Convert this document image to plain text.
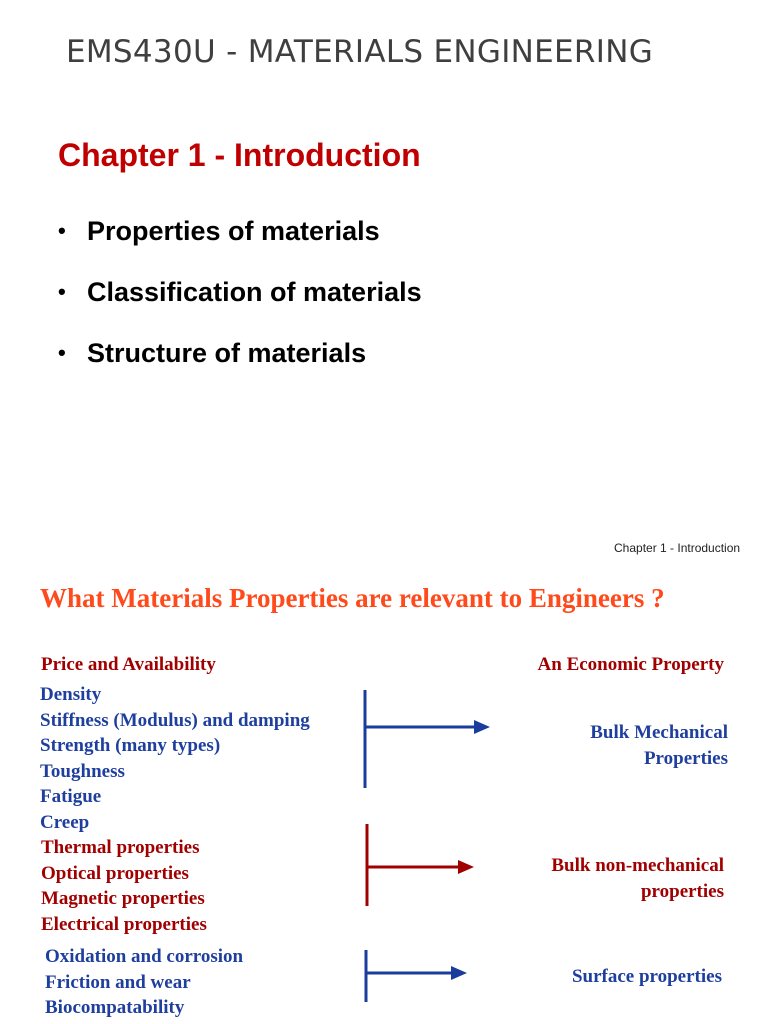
EMS430U - MATERIALS ENGINEERING
Chapter 1 - Introduction
• Properties of materials
• Classification of materials
• Structure of materials
Chapter 1 - Introduction
What Materials Properties are relevant to Engineers ?
Price and Availability	An Economic Property
Density
Stiffness (Modulus) and damping
Strength (many types)
Toughness
Fatigue
Creep
Bulk Mechanical
Properties
Thermal properties
Optical properties
Magnetic properties
Electrical properties
Bulk non-mechanical
properties
Oxidation and corrosion
Friction and wear
Biocompatability
Surface properties
